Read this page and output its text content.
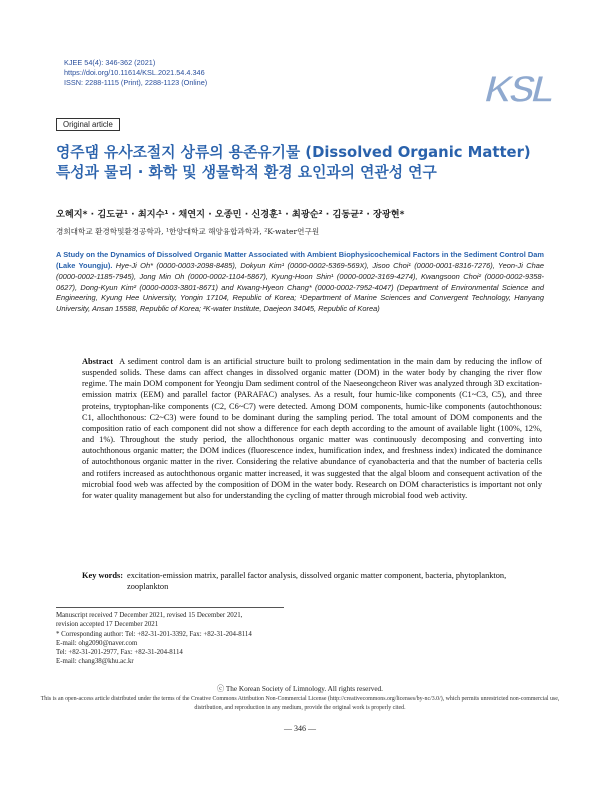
KJEE 54(4): 346-362 (2021)
https://doi.org/10.11614/KSL.2021.54.4.346
ISSN: 2288-1115 (Print), 2288-1123 (Online)	KSL
Original article
영주댐 유사조절지 상류의 용존유기물 (Dissolved Organic Matter)
특성과 물리 · 화학 및 생물학적 환경 요인과의 연관성 연구
오혜지* · 김도균¹ · 최지수¹ · 채연지 · 오종민 · 신경훈¹ · 최광순² · 김동균² · 장광현*
경희대학교 환경학및환경공학과, ¹한양대학교 해양융합과학과, ²K-water연구원
A Study on the Dynamics of Dissolved Organic Matter Associated with Ambient Biophysicochemical Factors in the Sediment Control Dam (Lake Youngju). Hye-Ji Oh* (0000-0003-2098-8485), Dokyun Kim¹ (0000-0002-5369-569X), Jisoo Choi¹ (0000-0001-8316-7276), Yeon-Ji Chae (0000-0002-1185-7945), Jong Min Oh (0000-0002-1104-5867), Kyung-Hoon Shin¹ (0000-0002-3169-4274), Kwangsoon Choi² (0000-0002-9358-0627), Dong-Kyun Kim² (0000-0003-3801-8671) and Kwang-Hyeon Chang* (0000-0002-7952-4047) (Department of Environmental Science and Engineering, Kyung Hee University, Yongin 17104, Republic of Korea; ¹Department of Marine Sciences and Convergent Technology, Hanyang University, Ansan 15588, Republic of Korea; ²K-water Institute, Daejeon 34045, Republic of Korea)
Abstract A sediment control dam is an artificial structure built to prolong sedimentation in the main dam by reducing the inflow of suspended solids. These dams can affect changes in dissolved organic matter (DOM) in the water body by changing the river flow regime. The main DOM component for Yeongju Dam sediment control of the Naeseongcheon River was analyzed through 3D excitation-emission matrix (EEM) and parallel factor (PARAFAC) analyses. As a result, four humic-like components (C1~C3, C5), and three proteins, tryptophan-like components (C2, C6~C7) were detected. Among DOM components, humic-like components (autochthonous: C1, allochthonous: C2~C3) were found to be dominant during the sampling period. The total amount of DOM components and the composition ratio of each component did not show a difference for each depth according to the amount of available light (100%, 12%, and 1%). Throughout the study period, the allochthonous organic matter was continuously decomposing and converting into autochthonous organic matter; the DOM indices (fluorescence index, humification index, and freshness index) indicated the dominance of autochthonous organic matter in the river. Considering the relative abundance of cyanobacteria and that the number of bacteria cells and rotifers increased as autochthonous organic matter increased, it was suggested that the algal bloom and consequent activation of the microbial food web was affected by the composition of DOM in the water body. Research on DOM characteristics is important not only for water quality management but also for understanding the cycling of matter through microbial food web activity.
Key words: excitation-emission matrix, parallel factor analysis, dissolved organic matter component, bacteria, phytoplankton, zooplankton
Manuscript received 7 December 2021, revised 15 December 2021,
revision accepted 17 December 2021
* Corresponding author: Tel: +82-31-201-3392, Fax: +82-31-204-8114
E-mail: ohg2090@naver.com
Tel: +82-31-201-2977, Fax: +82-31-204-8114
E-mail: chang38@khu.ac.kr
ⓒ The Korean Society of Limnology. All rights reserved.
This is an open-access article distributed under the terms of the Creative Commons Attribution Non-Commercial License (http://creativecommons.org/licenses/by-nc/3.0/), which permits unrestricted non-commercial use, distribution, and reproduction in any medium, provide the original work is properly cited.
— 346 —
